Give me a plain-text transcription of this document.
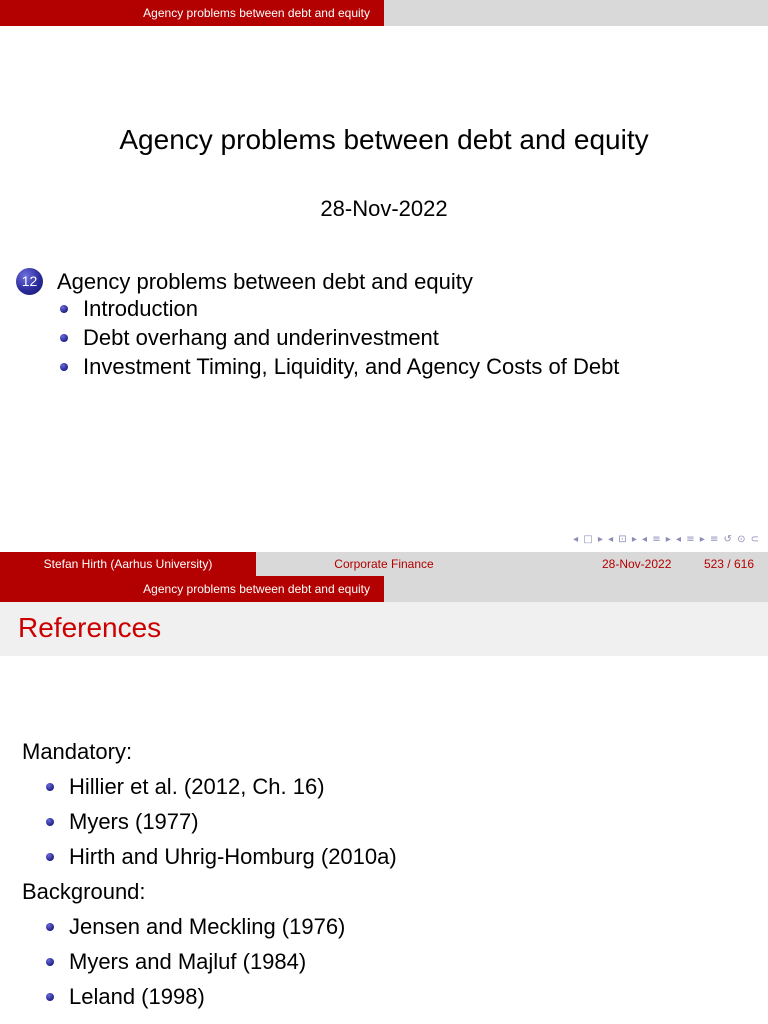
Agency problems between debt and equity
Agency problems between debt and equity
28-Nov-2022
12 Agency problems between debt and equity
Introduction
Debt overhang and underinvestment
Investment Timing, Liquidity, and Agency Costs of Debt
◂ □ ▸ ◂ ⊡ ▸ ◂ ≡ ▸ ◂ ≡ ▸ ≡ ↺ ⊙ ⊂
Stefan Hirth (Aarhus University)	Corporate Finance	28-Nov-2022	523 / 616
Agency problems between debt and equity
References
Mandatory:
Hillier et al. (2012, Ch. 16)
Myers (1977)
Hirth and Uhrig-Homburg (2010a)
Background:
Jensen and Meckling (1976)
Myers and Majluf (1984)
Leland (1998)
